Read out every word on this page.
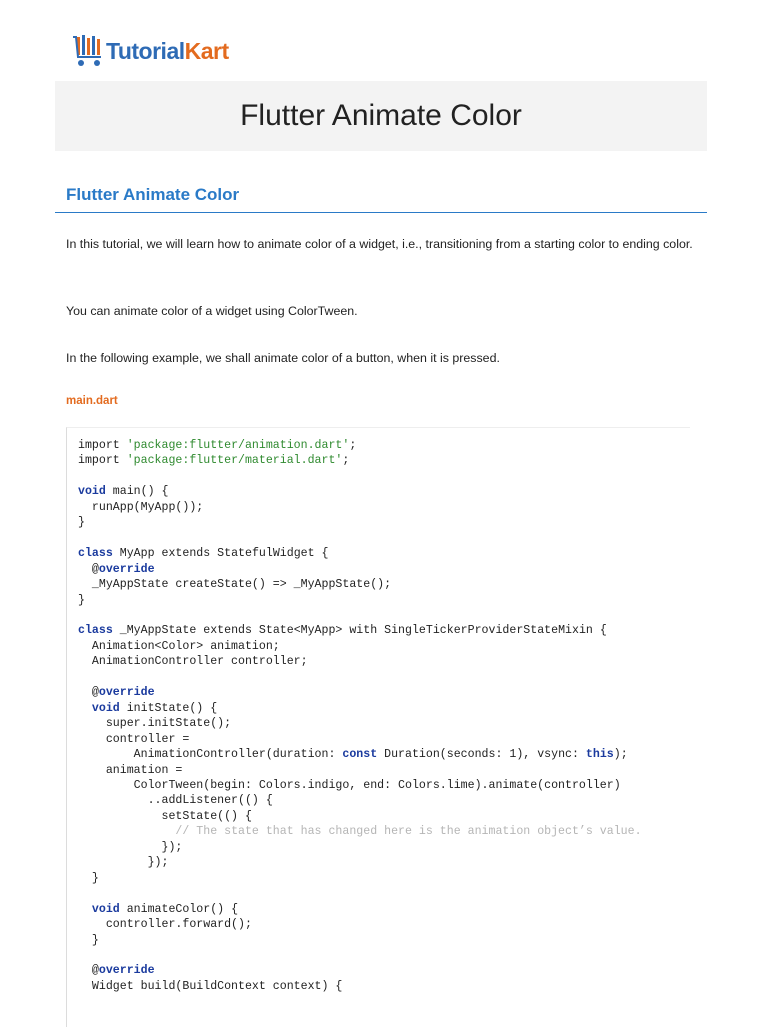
TutorialKart
Flutter Animate Color
Flutter Animate Color

In this tutorial, we will learn how to animate color of a widget, i.e., transitioning from a starting color to ending color.

You can animate color of a widget using ColorTween.

In the following example, we shall animate color of a button, when it is pressed.

main.dart
import 'package:flutter/animation.dart';
import 'package:flutter/material.dart';

void main() {
runApp(MyApp());
}

class MyApp extends StatefulWidget {
@override
_MyAppState createState() => _MyAppState();
}

class _MyAppState extends State<MyApp> with SingleTickerProviderStateMixin {
Animation<Color> animation;
AnimationController controller;

@override
void initState() {
super.initState();
controller =
AnimationController(duration: const Duration(seconds: 1), vsync: this);
animation =
ColorTween(begin: Colors.indigo, end: Colors.lime).animate(controller)
..addListener(() {
setState(() {
// The state that has changed here is the animation object’s value.
});
});
}

void animateColor() {
controller.forward();
}

@override
Widget build(BuildContext context) {
